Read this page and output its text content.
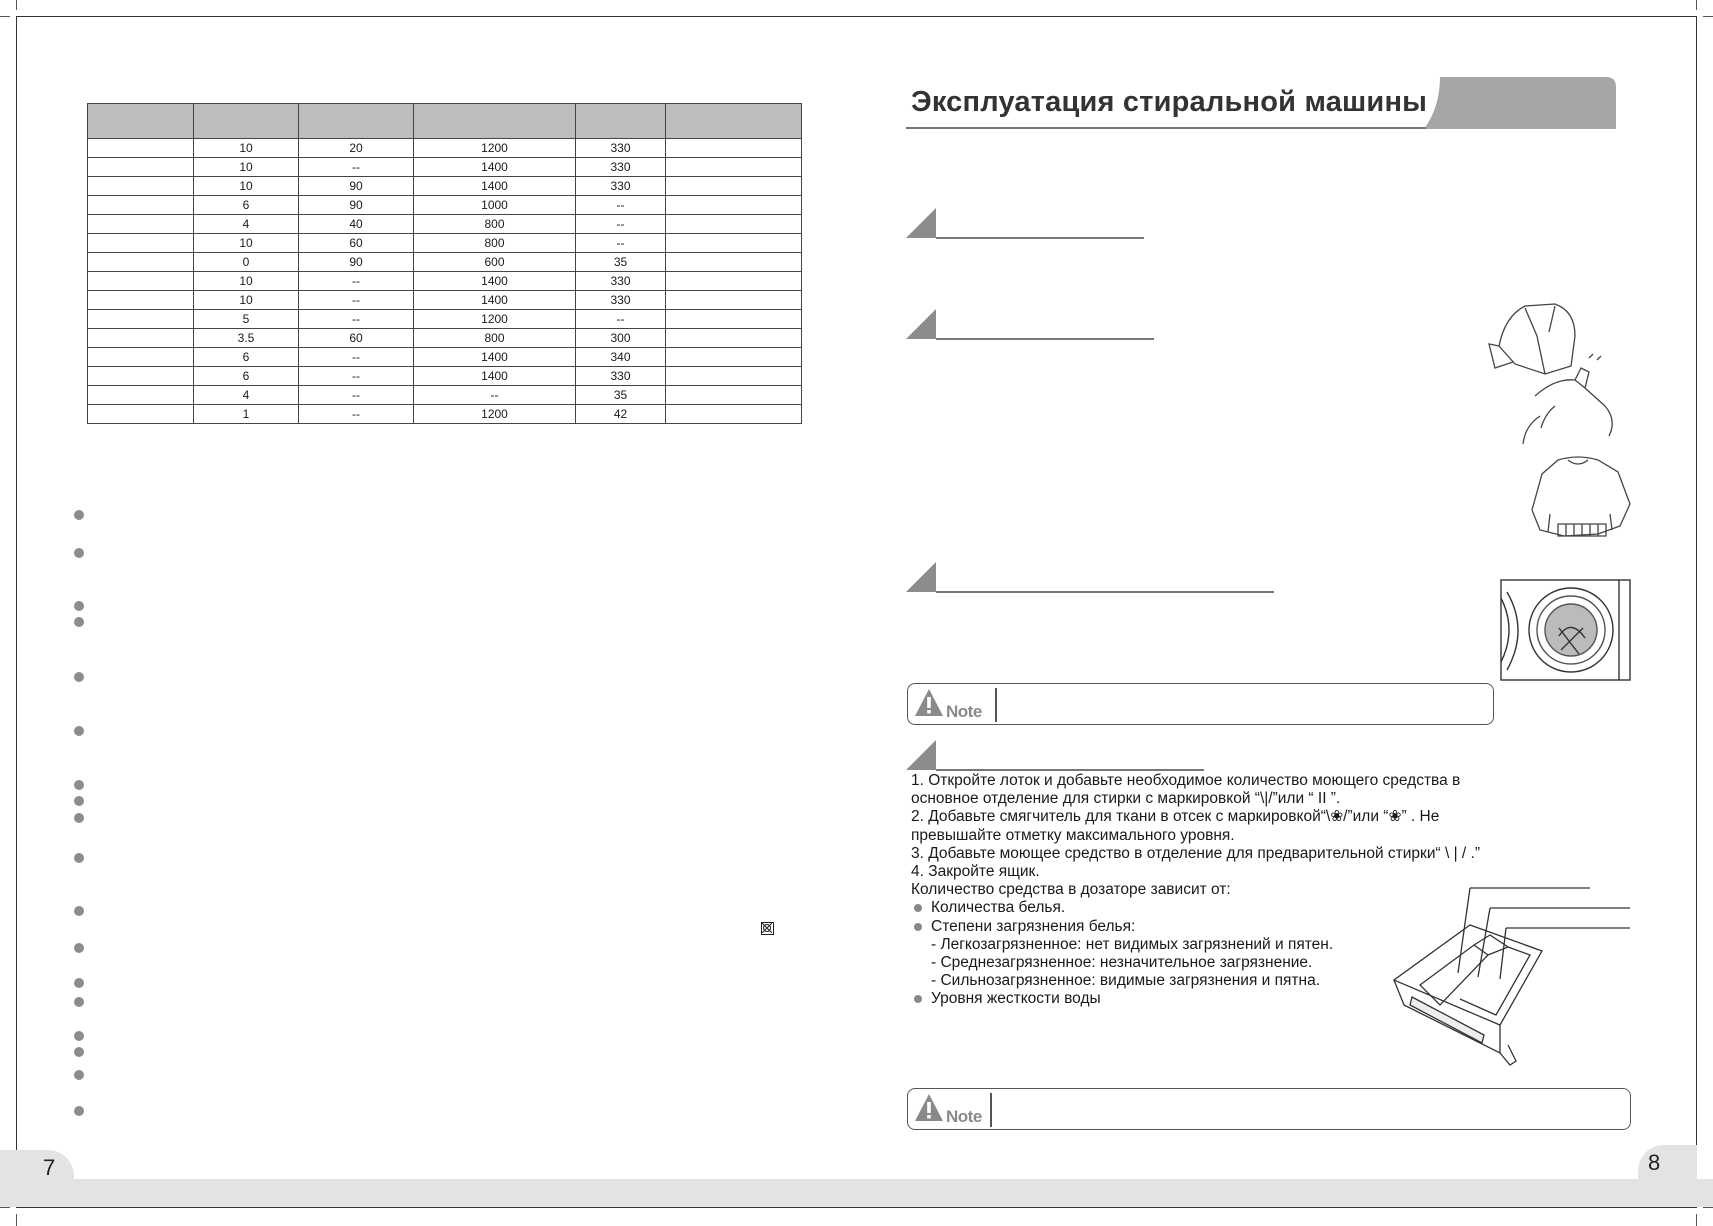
7	8

	10	20	1200	330	
	10	--	1400	330	
	10	90	1400	330	
	6	90	1000	--	
	4	40	800	--	
	10	60	800	--	
	0	90	600	35	
	10	--	1400	330	
	10	--	1400	330	
	5	--	1200	--	
	3.5	60	800	300	
	6	--	1400	340	
	6	--	1400	330	
	4	--	--	35	
	1	--	1200	42	
Эксплуатация стиральной машины
Note
Note
1. Откройте лоток и добавьте необходимое количество моющего средства в
основное отделение для стирки с маркировкой “\|/”или “ II ”.
2. Добавьте смягчитель для ткани в отсек с маркировкой“\❀/”или “❀” . Не
превышайте отметку максимального уровня.
3. Добавьте моющее средство в отделение для предварительной стирки“ \ | / .”
4. Закройте ящик.
Количество средства в дозаторе зависит от:
Количества белья.
Степени загрязнения белья:
- Легкозагрязненное: нет видимых загрязнений и пятен.
- Среднезагрязненное: незначительное загрязнение.
- Сильнозагрязненное: видимые загрязнения и пятна.
Уровня жесткости воды
